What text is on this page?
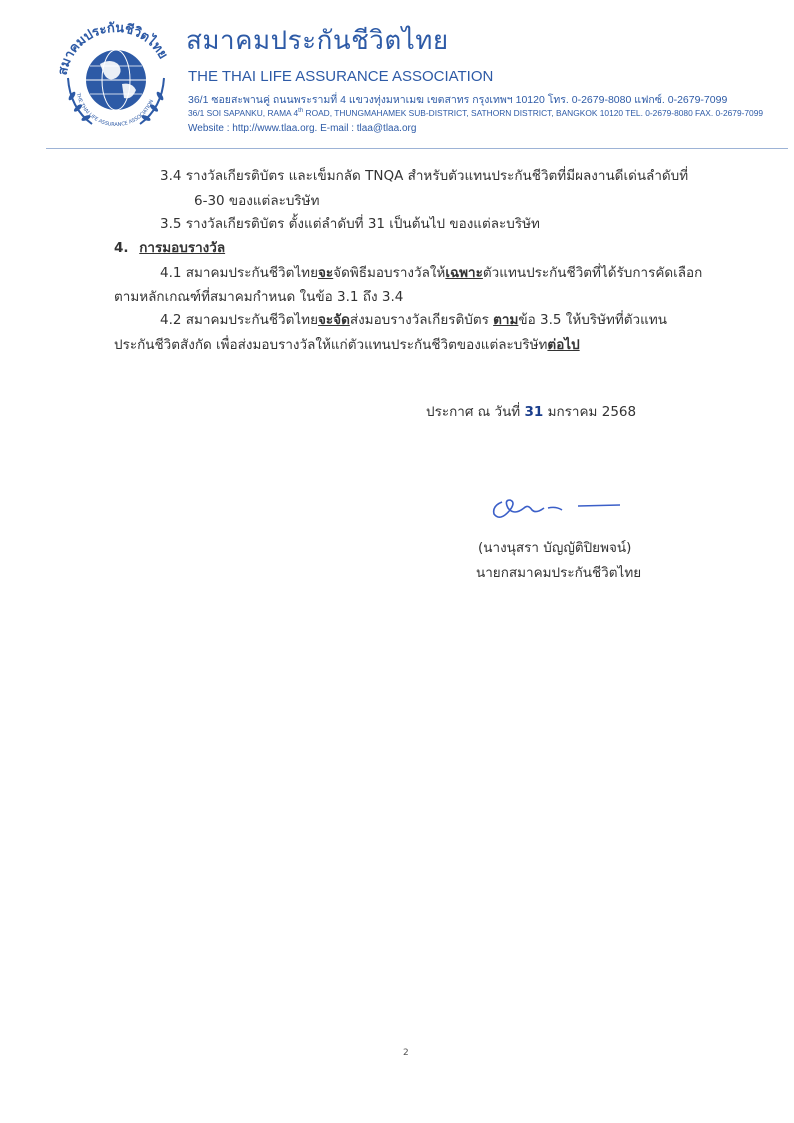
สมาคมประกันชีวิตไทย
THE THAI LIFE ASSURANCE ASSOCIATION
สมาคมประกันชีวิตไทย
THE THAI LIFE ASSURANCE ASSOCIATION
36/1 ซอยสะพานคู่ ถนนพระรามที่ 4 แขวงทุ่งมหาเมฆ เขตสาทร กรุงเทพฯ 10120 โทร. 0-2679-8080 แฟกซ์. 0-2679-7099
36/1 SOI SAPANKU, RAMA 4th ROAD, THUNGMAHAMEK SUB-DISTRICT, SATHORN DISTRICT, BANGKOK 10120 TEL. 0-2679-8080 FAX. 0-2679-7099
Website : http://www.tlaa.org. E-mail : tlaa@tlaa.org
3.4 รางวัลเกียรติบัตร และเข็มกลัด TNQA สำหรับตัวแทนประกันชีวิตที่มีผลงานดีเด่นลำดับที่
6-30 ของแต่ละบริษัท
3.5 รางวัลเกียรติบัตร ตั้งแต่ลำดับที่ 31 เป็นต้นไป ของแต่ละบริษัท
4. การมอบรางวัล
4.1 สมาคมประกันชีวิตไทยจะจัดพิธีมอบรางวัลให้เฉพาะตัวแทนประกันชีวิตที่ได้รับการคัดเลือก
ตามหลักเกณฑ์ที่สมาคมกำหนด ในข้อ 3.1 ถึง 3.4
4.2 สมาคมประกันชีวิตไทยจะจัดส่งมอบรางวัลเกียรติบัตร ตามข้อ 3.5 ให้บริษัทที่ตัวแทน
ประกันชีวิตสังกัด เพื่อส่งมอบรางวัลให้แก่ตัวแทนประกันชีวิตของแต่ละบริษัทต่อไป
ประกาศ ณ วันที่ 31 มกราคม 2568
(นางนุสรา บัญญัติปิยพจน์)
นายกสมาคมประกันชีวิตไทย
2
